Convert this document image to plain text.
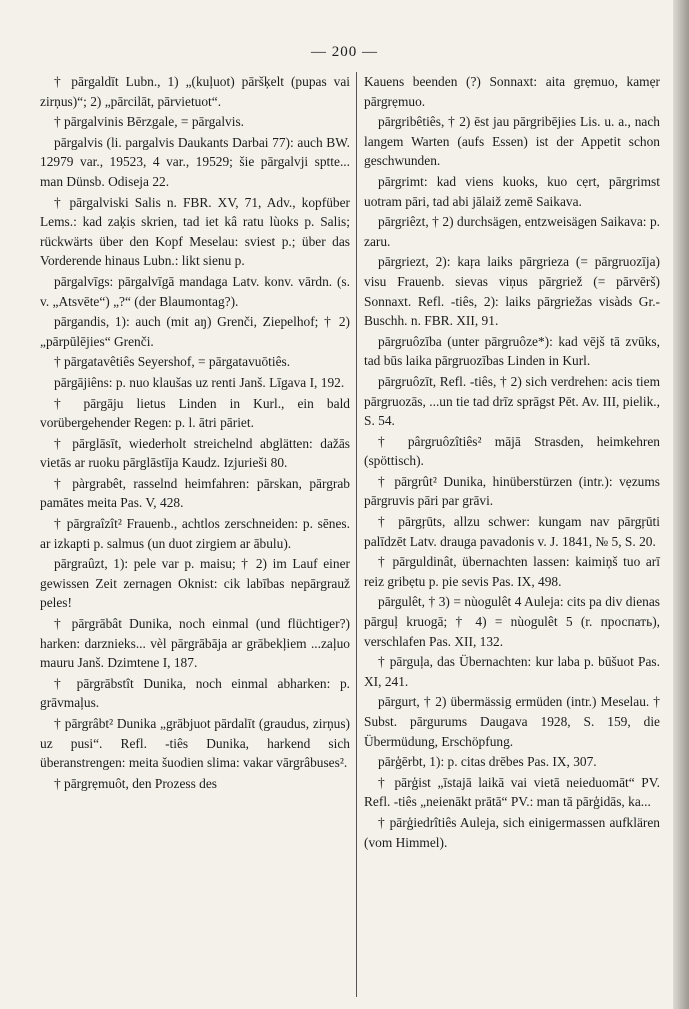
— 200 —

† pārgaldīt Lubn., 1) „(kuļuot) pāršķelt (pupas vai zirņus)“; 2) „pārcilāt, pārvietuot“.

† pārgalvinis Bērzgale, = pārgalvis.

pārgalvis (li. pargalvis Daukants Darbai 77): auch BW. 12979 var., 19523, 4 var., 19529; šie pārgalvji sptte... man Dünsb. Odiseja 22.

† pārgalviski Salis n. FBR. XV, 71, Adv., kopfüber Lems.: kad zaķis skrien, tad iet kâ ratu lùoks p. Salis; rückwärts über den Kopf Meselau: sviest p.; über das Vorderende hinaus Lubn.: likt sienu p.

pārgalvīgs: pārgalvīgā mandaga Latv. konv. vārdn. (s. v. „Atsvēte“) „?“ (der Blaumontag?).

pārgandis, 1): auch (mit aŋ) Grenči, Ziepelhof; † 2) „pārpūlējies“ Grenči.

† pārgatavêtiês Seyershof, = pārgatavuōtiês.

pārgājiêns: p. nuo klaušas uz renti Janš. Līgava I, 192.

† pārgāju lietus Linden in Kurl., ein bald vorübergehender Regen: p. l. ātri pāriet.

† pārglāsīt, wiederholt streichelnd abglätten: dažās vietās ar ruoku pārglāstīja Kaudz. Izjurieši 80.

† pàrgrabêt, rasselnd heimfahren: pārskan, pārgrab pamātes meita Pas. V, 428.

† pārgraîzît² Frauenb., achtlos zerschneiden: p. sēnes. ar izkapti p. salmus (un duot zirgiem ar ābulu).

pārgraûzt, 1): pele var p. maisu; † 2) im Lauf einer gewissen Zeit zernagen Oknist: cik labības nepārgrauž peles!

† pārgrābât Dunika, noch einmal (und flüchtiger?) harken: darznieks... vèl pārgrābāja ar grābekļiem ...zaļuo mauru Janš. Dzimtene I, 187.

† pārgrābstît Dunika, noch einmal abharken: p. grāvmaļus.

† pārgrâbt² Dunika „grābjuot pārdalīt (graudus, zirņus) uz pusi“. Refl. -tiês Dunika, harkend sich überanstrengen: meita šuodien slima: vakar vārgrâbuses².

† pārgrẹmuôt, den Prozess des

Kauens beenden (?) Sonnaxt: aita grẹmuo, kamẹr pārgrẹmuo.

pārgribêtiês, † 2) ēst jau pārgribējies Lis. u. a., nach langem Warten (aufs Essen) ist der Appetit schon geschwunden.

pārgrimt: kad viens kuoks, kuo cẹrt, pārgrimst uotram pāri, tad abi jālaiž zemē Saikava.

pārgriêzt, † 2) durchsägen, entzweisägen Saikava: p. zaru.

pārgriezt, 2): kaŗa laiks pārgrieza (= pārgruozīja) visu Frauenb. sievas viņus pārgriež (= pārvērš) Sonnaxt. Refl. -tiês, 2): laiks pārgriežas visàds Gr.-Buschh. n. FBR. XII, 91.

pārgruôzība (unter pārgruôze*): kad vējš tā zvūks, tad būs laika pārgruozības Linden in Kurl.

pārgruôzīt, Refl. -tiês, † 2) sich verdrehen: acis tiem pārgruozās, ...un tie tad drīz sprāgst Pēt. Av. III, pielik., S. 54.

† pârgruôzîtiês² mājā Strasden, heimkehren (spöttisch).

† pārgrût² Dunika, hinüberstürzen (intr.): vẹzums pārgruvis pāri par grāvi.

† pārgŗūts, allzu schwer: kungam nav pārgŗūti palīdzēt Latv. drauga pavadonis v. J. 1841, № 5, S. 20.

† pārguldinât, übernachten lassen: kaimiņš tuo arī reiz gribẹtu p. pie sevis Pas. IX, 498.

pārgulêt, † 3) = nùogulêt 4 Auleja: cits pa div dienas pārguļ kruogā; † 4) = nùogulêt 5 (r. проспать), verschlafen Pas. XII, 132.

† pārguļa, das Übernachten: kur laba p. būšuot Pas. XI, 241.

pārgurt, † 2) übermässig ermüden (intr.) Meselau. † Subst. pārgurums Daugava 1928, S. 159, die Übermüdung, Erschöpfung.

pārģērbt, 1): p. citas drēbes Pas. IX, 307.

† pārģist „īstajā laikā vai vietā neieduomāt“ PV. Refl. -tiês „neienākt prātā“ PV.: man tā pārģidās, ka...

† pārģiedrîtiês Auleja, sich einigermassen aufklären (vom Himmel).
